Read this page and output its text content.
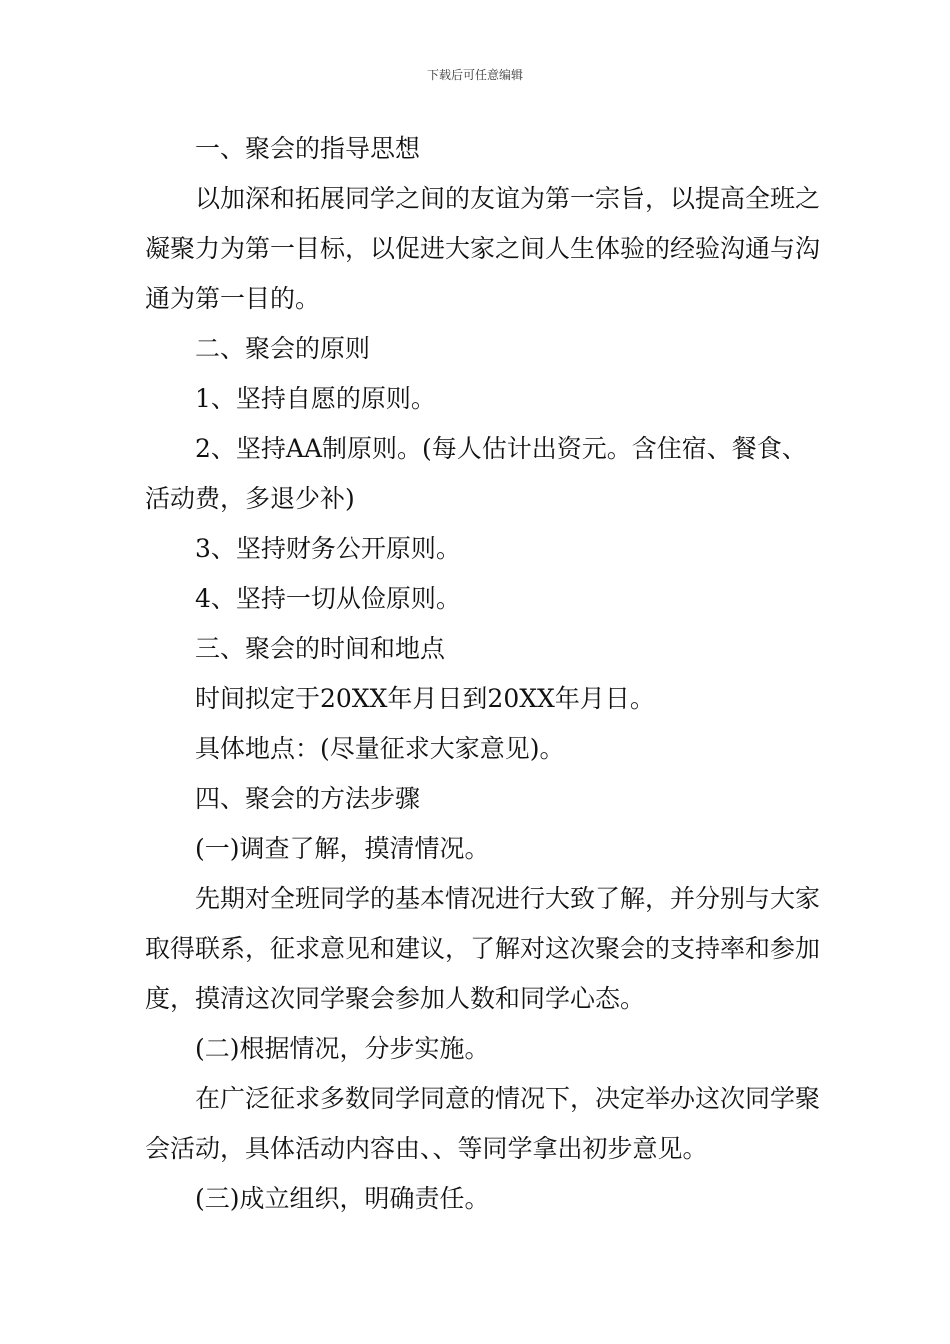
下载后可任意编辑

一、聚会的指导思想

以加深和拓展同学之间的友谊为第一宗旨，以提高全班之凝聚力为第一目标，以促进大家之间人生体验的经验沟通与沟通为第一目的。

二、聚会的原则

1、坚持自愿的原则。

2、坚持AA制原则。(每人估计出资元。含住宿、餐食、活动费，多退少补)

3、坚持财务公开原则。

4、坚持一切从俭原则。

三、聚会的时间和地点

时间拟定于20XX年月日到20XX年月日。

具体地点：(尽量征求大家意见)。

四、聚会的方法步骤

(一)调查了解，摸清情况。

先期对全班同学的基本情况进行大致了解，并分别与大家取得联系，征求意见和建议，了解对这次聚会的支持率和参加度，摸清这次同学聚会参加人数和同学心态。

(二)根据情况，分步实施。

在广泛征求多数同学同意的情况下，决定举办这次同学聚会活动，具体活动内容由、、等同学拿出初步意见。

(三)成立组织，明确责任。
